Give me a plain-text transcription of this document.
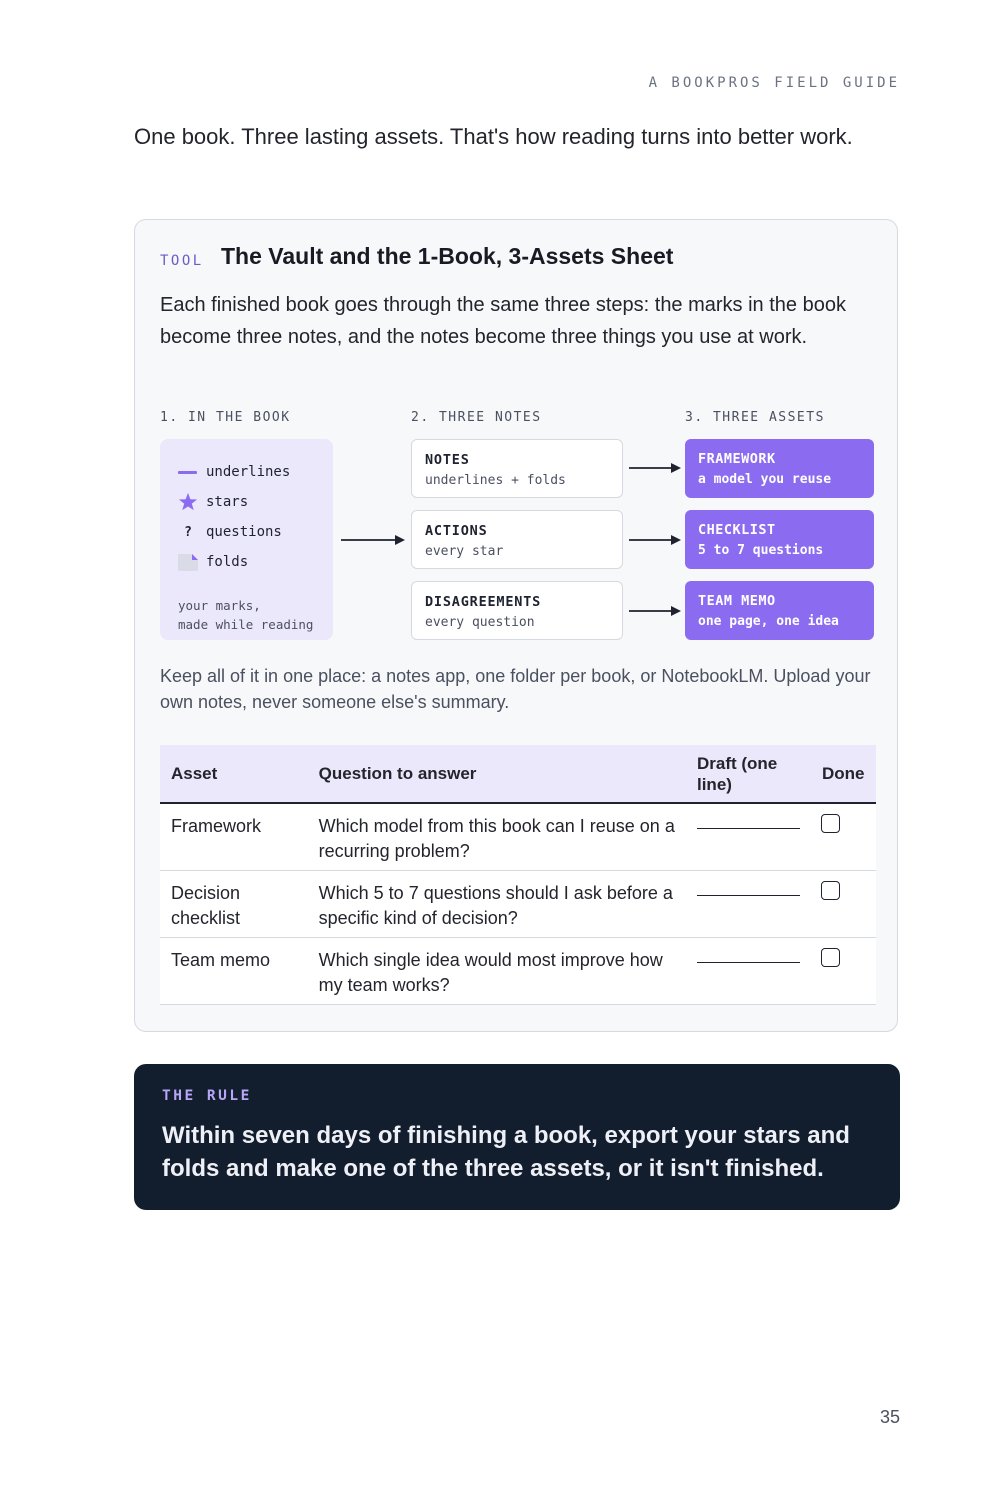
A BOOKPROS FIELD GUIDE
One book. Three lasting assets. That's how reading turns into better work.
TOOL The Vault and the 1-Book, 3-Assets Sheet
Each finished book goes through the same three steps: the marks in the book become three notes, and the notes become three things you use at work.
1. IN THE BOOK	2. THREE NOTES	3. THREE ASSETS
underlines
stars
?	questions
folds
your marks,
made while reading
NOTES
underlines + folds
ACTIONS
every star
DISAGREEMENTS
every question
FRAMEWORK
a model you reuse
CHECKLIST
5 to 7 questions
TEAM MEMO
one page, one idea
Keep all of it in one place: a notes app, one folder per book, or NotebookLM. Upload your own notes, never someone else's summary.
Asset	Question to answer	Draft (one line)	Done
Framework	Which model from this book can I reuse on a recurring problem?	

Decision checklist	Which 5 to 7 questions should I ask before a specific kind of decision?	

Team memo	Which single idea would most improve how my team works?	

THE RULE
Within seven days of finishing a book, export your stars and folds and make one of the three assets, or it isn't finished.
35
